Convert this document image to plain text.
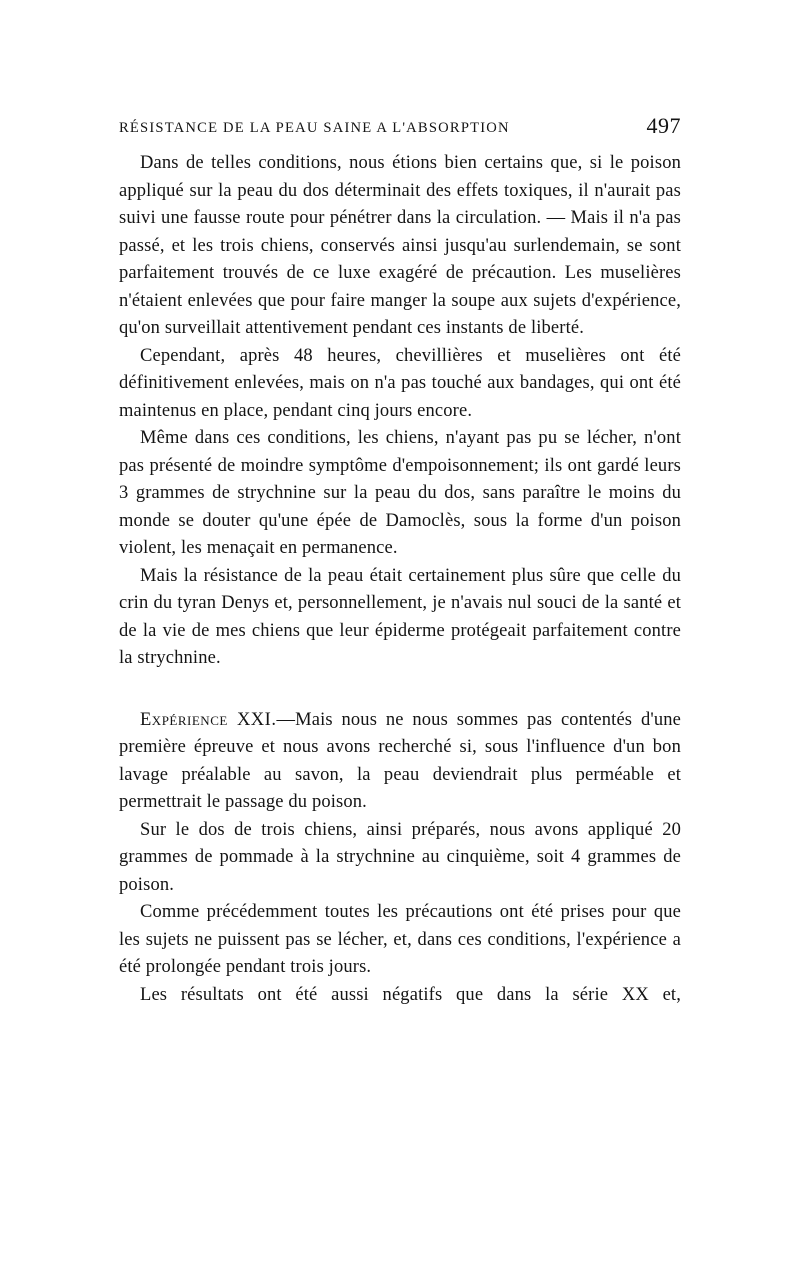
RÉSISTANCE DE LA PEAU SAINE A L'ABSORPTION	497

Dans de telles conditions, nous étions bien certains que, si le poison appliqué sur la peau du dos déterminait des effets toxiques, il n'aurait pas suivi une fausse route pour pénétrer dans la circulation. — Mais il n'a pas passé, et les trois chiens, conservés ainsi jusqu'au surlendemain, se sont parfaitement trouvés de ce luxe exagéré de précaution. Les muselières n'étaient enlevées que pour faire manger la soupe aux sujets d'expérience, qu'on surveillait attentivement pendant ces instants de liberté.

Cependant, après 48 heures, chevillières et muselières ont été définitivement enlevées, mais on n'a pas touché aux bandages, qui ont été maintenus en place, pendant cinq jours encore.

Même dans ces conditions, les chiens, n'ayant pas pu se lécher, n'ont pas présenté de moindre symptôme d'empoisonnement; ils ont gardé leurs 3 grammes de strychnine sur la peau du dos, sans paraître le moins du monde se douter qu'une épée de Damoclès, sous la forme d'un poison violent, les menaçait en permanence.

Mais la résistance de la peau était certainement plus sûre que celle du crin du tyran Denys et, personnellement, je n'avais nul souci de la santé et de la vie de mes chiens que leur épiderme protégeait parfaitement contre la strychnine.

Expérience XXI.—Mais nous ne nous sommes pas contentés d'une première épreuve et nous avons recherché si, sous l'influence d'un bon lavage préalable au savon, la peau deviendrait plus perméable et permettrait le passage du poison.

Sur le dos de trois chiens, ainsi préparés, nous avons appliqué 20 grammes de pommade à la strychnine au cinquième, soit 4 grammes de poison.

Comme précédemment toutes les précautions ont été prises pour que les sujets ne puissent pas se lécher, et, dans ces conditions, l'expérience a été prolongée pendant trois jours.

Les résultats ont été aussi négatifs que dans la série XX et,
